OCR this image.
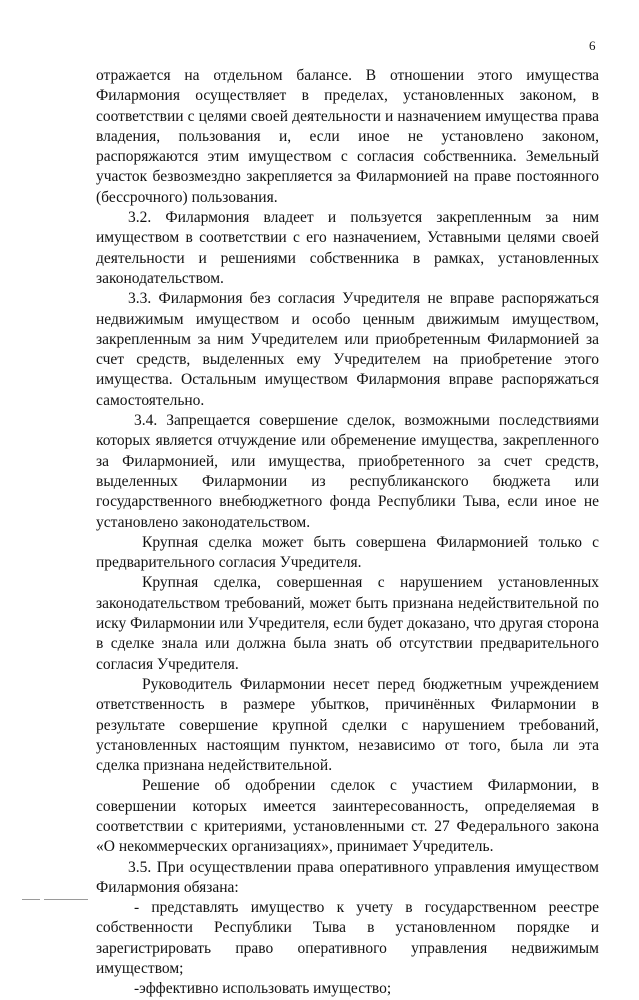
6

отражается на отдельном балансе. В отношении этого имущества Филармония осуществляет в пределах, установленных законом, в соответствии с целями своей деятельности и назначением имущества права владения, пользования и, если иное не установлено законом, распоряжаются этим имуществом с согласия собственника. Земельный участок безвозмездно закрепляется за Филармонией на праве постоянного (бессрочного) пользования.

3.2. Филармония владеет и пользуется закрепленным за ним имуществом в соответствии с его назначением, Уставными целями своей деятельности и решениями собственника в рамках, установленных законодательством.

3.3. Филармония без согласия Учредителя не вправе распоряжаться недвижимым имуществом и особо ценным движимым имуществом, закрепленным за ним Учредителем или приобретенным Филармонией за счет средств, выделенных ему Учредителем на приобретение этого имущества. Остальным имуществом Филармония вправе распоряжаться самостоятельно.

3.4. Запрещается совершение сделок, возможными последствиями которых является отчуждение или обременение имущества, закрепленного за Филармонией, или имущества, приобретенного за счет средств, выделенных Филармонии из республиканского бюджета или государственного внебюджетного фонда Республики Тыва, если иное не установлено законодательством.

Крупная сделка может быть совершена Филармонией только с предварительного согласия Учредителя.

Крупная сделка, совершенная с нарушением установленных законодательством требований, может быть признана недействительной по иску Филармонии или Учредителя, если будет доказано, что другая сторона в сделке знала или должна была знать об отсутствии предварительного согласия Учредителя.

Руководитель Филармонии несет перед бюджетным учреждением ответственность в размере убытков, причинённых Филармонии в результате совершение крупной сделки с нарушением требований, установленных настоящим пунктом, независимо от того, была ли эта сделка признана недействительной.

Решение об одобрении сделок с участием Филармонии, в совершении которых имеется заинтересованность, определяемая в соответствии с критериями, установленными ст. 27 Федерального закона «О некоммерческих организациях», принимает Учредитель.

3.5. При осуществлении права оперативного управления имуществом Филармония обязана:

- представлять имущество к учету в государственном реестре собственности Республики Тыва в установленном порядке и зарегистрировать право оперативного управления недвижимым имуществом;

-эффективно использовать имущество;
